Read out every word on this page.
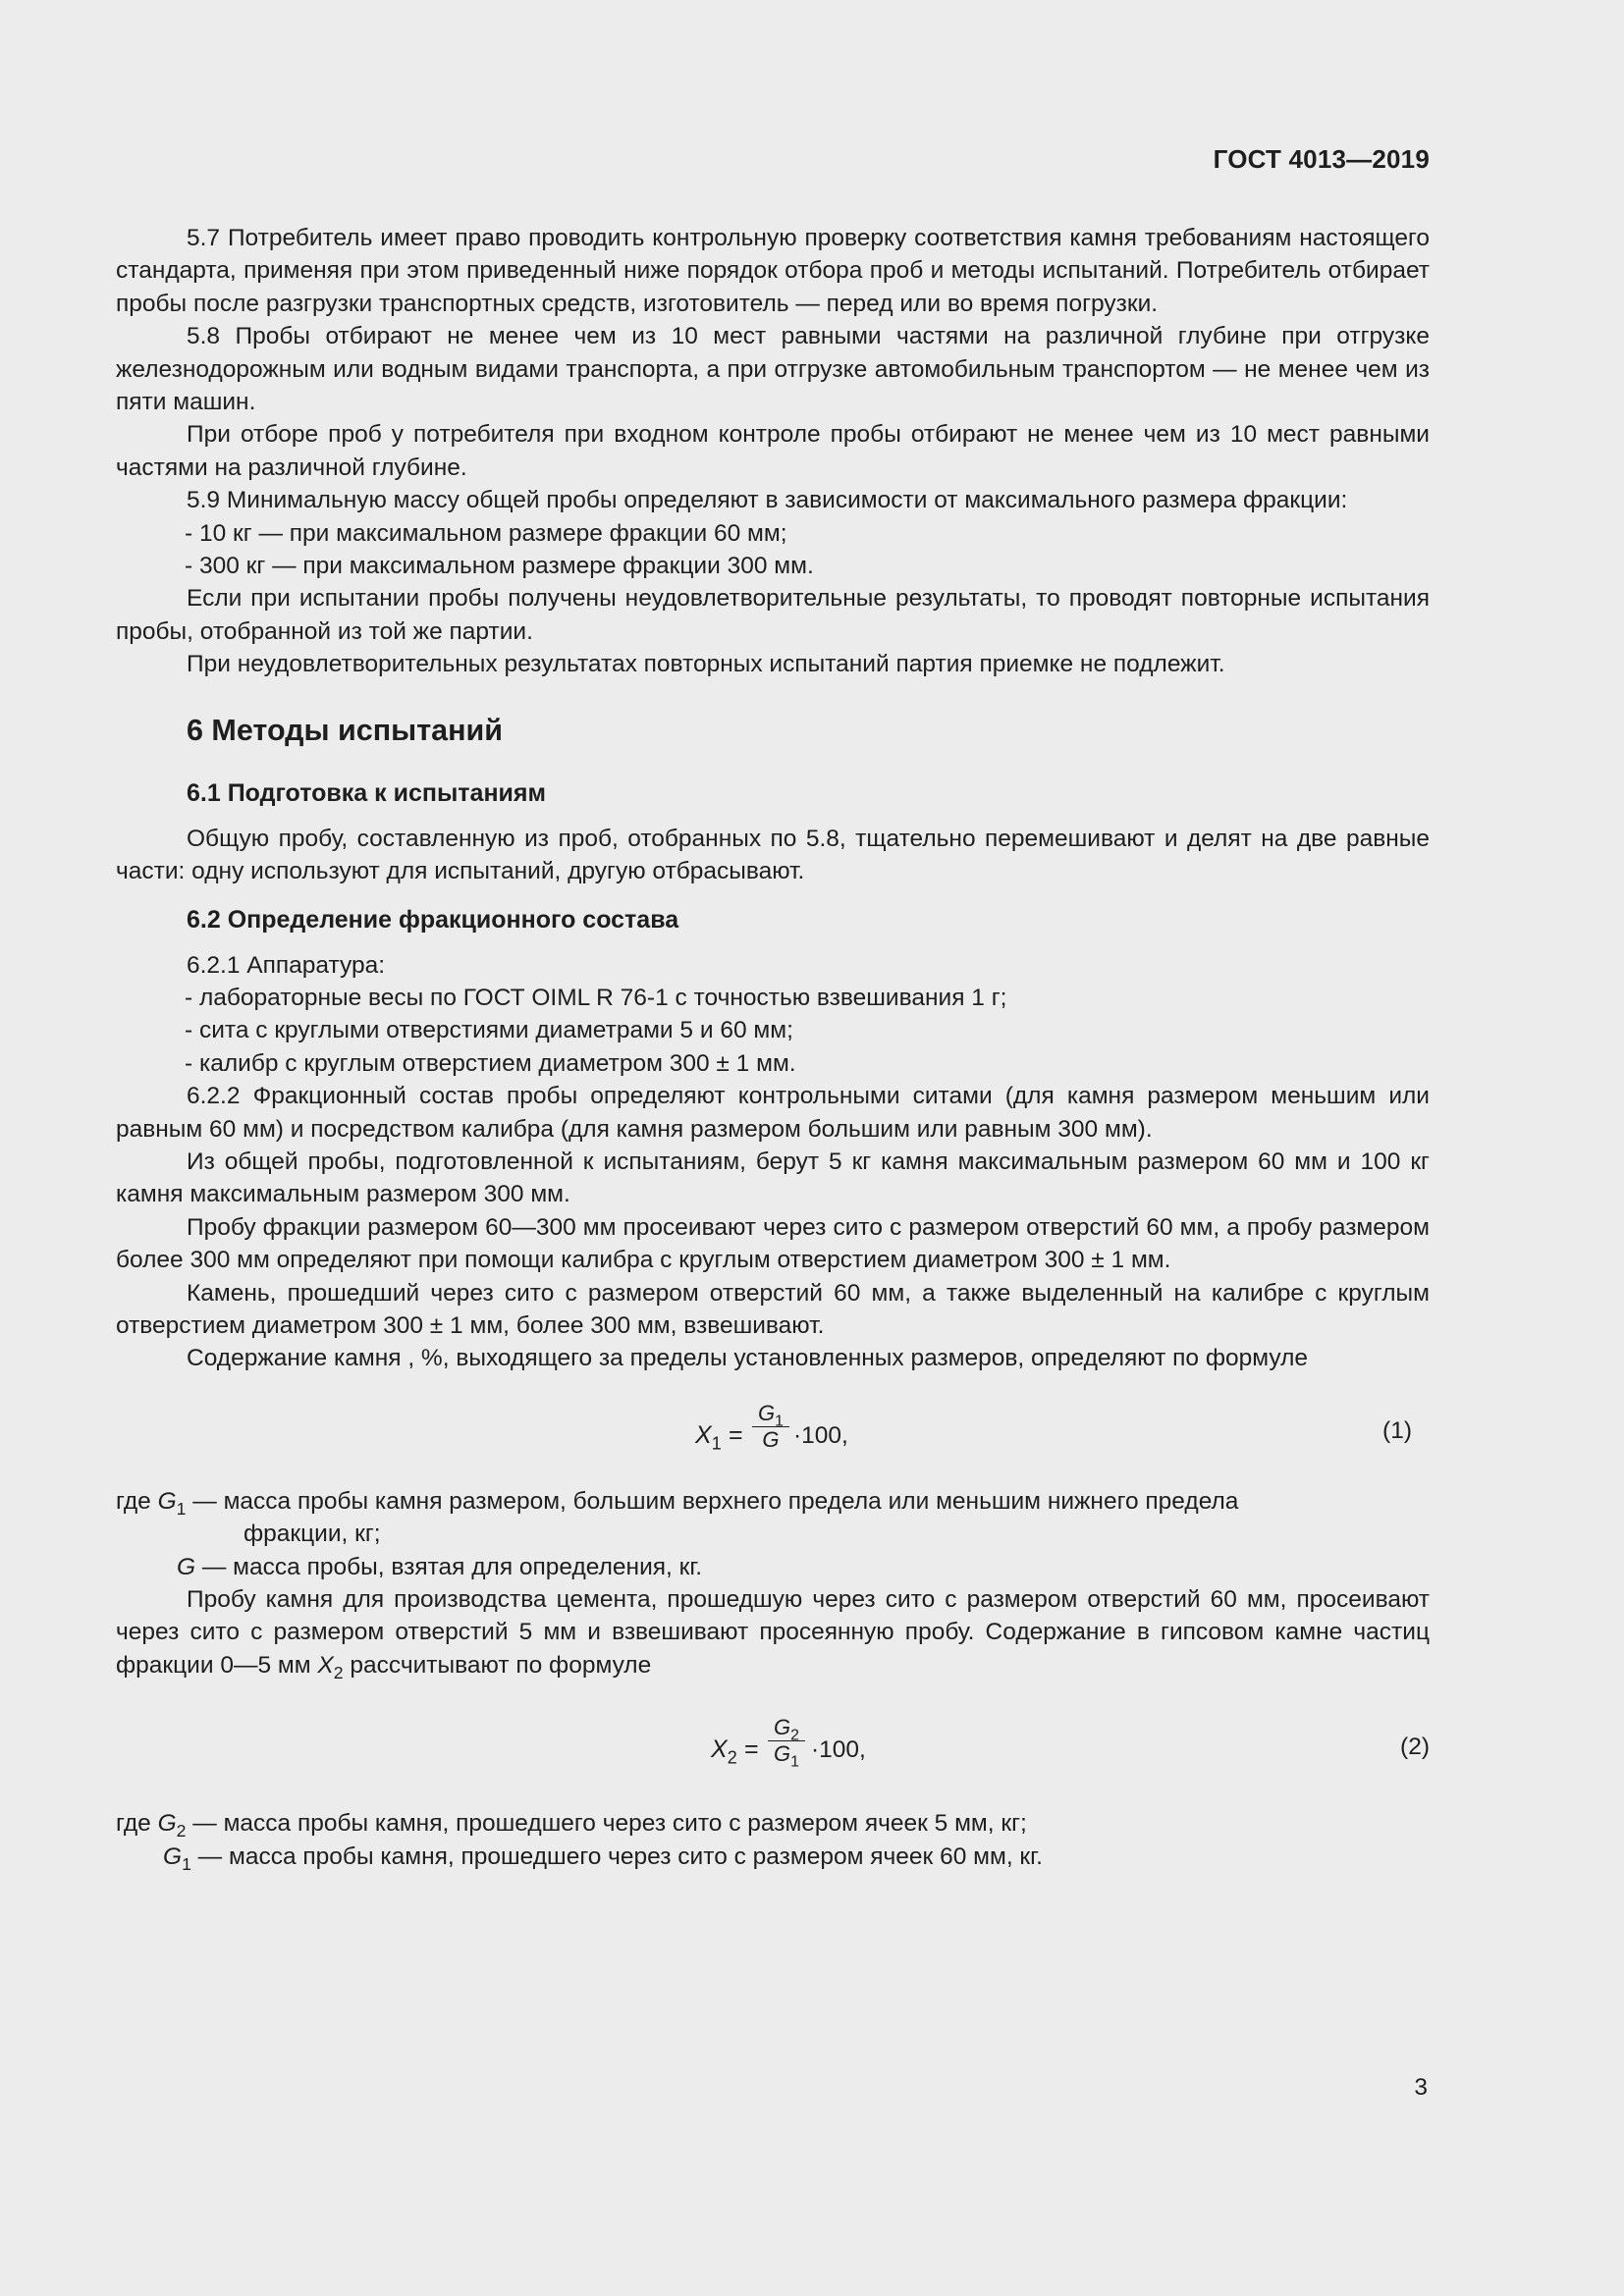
ГОСТ 4013—2019

5.7 Потребитель имеет право проводить контрольную проверку соответствия камня требованиям настоящего стандарта, применяя при этом приведенный ниже порядок отбора проб и методы испытаний. Потребитель отбирает пробы после разгрузки транспортных средств, изготовитель — перед или во время погрузки.

5.8 Пробы отбирают не менее чем из 10 мест равными частями на различной глубине при отгрузке железнодорожным или водным видами транспорта, а при отгрузке автомобильным транспортом — не менее чем из пяти машин.

При отборе проб у потребителя при входном контроле пробы отбирают не менее чем из 10 мест равными частями на различной глубине.

5.9 Минимальную массу общей пробы определяют в зависимости от максимального размера фракции:

- 10 кг — при максимальном размере фракции 60 мм;

- 300 кг — при максимальном размере фракции 300 мм.

Если при испытании пробы получены неудовлетворительные результаты, то проводят повторные испытания пробы, отобранной из той же партии.

При неудовлетворительных результатах повторных испытаний партия приемке не подлежит.

6 Методы испытаний
6.1 Подготовка к испытаниям

Общую пробу, составленную из проб, отобранных по 5.8, тщательно перемешивают и делят на две равные части: одну используют для испытаний, другую отбрасывают.

6.2 Определение фракционного состава

6.2.1 Аппаратура:

- лабораторные весы по ГОСТ OIML R 76-1 с точностью взвешивания 1 г;

- сита с круглыми отверстиями диаметрами 5 и 60 мм;

- калибр с круглым отверстием диаметром 300 ± 1 мм.

6.2.2 Фракционный состав пробы определяют контрольными ситами (для камня размером меньшим или равным 60 мм) и посредством калибра (для камня размером большим или равным 300 мм).

Из общей пробы, подготовленной к испытаниям, берут 5 кг камня максимальным размером 60 мм и 100 кг камня максимальным размером 300 мм.

Пробу фракции размером 60—300 мм просеивают через сито с размером отверстий 60 мм, а пробу размером более 300 мм определяют при помощи калибра с круглым отверстием диаметром 300 ± 1 мм.

Камень, прошедший через сито с размером отверстий 60 мм, а также выделенный на калибре с круглым отверстием диаметром 300 ± 1 мм, более 300 мм, взвешивают.

Содержание камня , %, выходящего за пределы установленных размеров, определяют по формуле

$X_1 = \frac{G_1}{G} \cdot 100$,	(1)

где $G_1$ — масса пробы камня размером, большим верхнего предела или меньшим нижнего предела

фракции, кг;

G — масса пробы, взятая для определения, кг.

Пробу камня для производства цемента, прошедшую через сито с размером отверстий 60 мм, просеивают через сито с размером отверстий 5 мм и взвешивают просеянную пробу. Содержание в гипсовом камне частиц фракции 0—5 мм $X_2$ рассчитывают по формуле

$X_2 = \frac{G_2}{G_1} \cdot 100$,	(2)

где $G_2$ — масса пробы камня, прошедшего через сито с размером ячеек 5 мм, кг;

$G_1$ — масса пробы камня, прошедшего через сито с размером ячеек 60 мм, кг.

3
